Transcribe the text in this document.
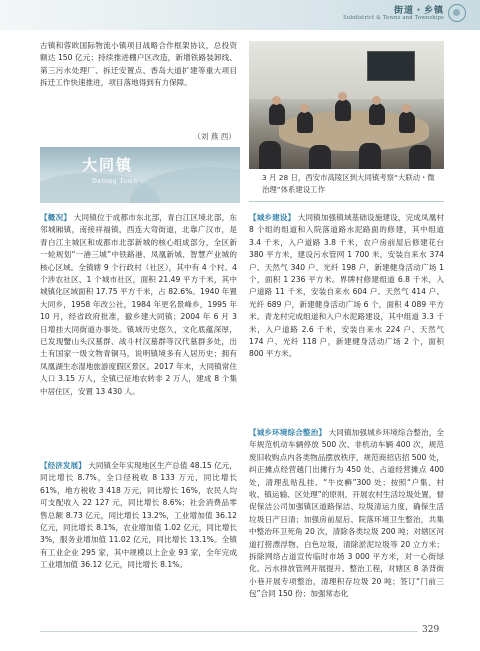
街道・乡镇
Subdistrict & Towns and Townships
古镇和蓉欧国际物流小镇项目战略合作框架协议，总投资额达 150 亿元；持续推进棚户区改造，新增铁路装卸线、第三污水处理厂、拆迁安置点、香岛大道扩建等重大项目拆迁工作快速推进，项目落地得到有力保障。
（刘 燕 西）
大同镇
Datong Town
【概况】 大同镇位于成都市东北部，青白江区境北部，东邻城厢镇，南接祥福镇，西连大弯街道，北靠广汉市，是青白江主城区和成都市北部新城的核心组成部分，全区新一轮规划“一港三城”中铁路港、凤凰新城、智慧产业城的核心区域。全镇辖 9 个行政村（社区），其中有 4 个村、4 个涉农社区、1 个城市社区，面积 21.49 平方千米，其中城镇化区域面积 17.75 平方千米，占 82.6%。1940 年置大同乡，1958 年改公社，1984 年更名景峰乡，1995 年 10 月，经省政府批准，撤乡建大同镇；2004 年 6 月 3 日增挂大同街道办事处。镇域历史悠久，文化底蕴深厚，已发现蟹山头汉墓群、战斗村汉墓群等汉代墓群多处，出土有国家一级文物青铜马，说明镇境多有人居历史；拥有凤凰湖生态湿地旅游度假区景区。2017 年末，大同镇常住人口 3.15 万人，全镇已征地农转非 2 万人，建成 8 个集中居住区，安置 13 430 人。
【经济发展】 大同镇全年实现地区生产总值 48.15 亿元，同比增长 8.7%，全口径税收 8 133 万元，同比增长 61%，地方税收 3 418 万元，同比增长 16%，农民人均可支配收入 22 127 元，同比增长 8.6%；社会消费品零售总额 8.73 亿元，同比增长 13.2%，工业增加值 36.12 亿元，同比增长 8.1%，农业增加值 1.02 亿元，同比增长 3%，服务业增加值 11.02 亿元，同比增长 13.1%。全镇有工业企业 295 家，其中规模以上企业 93 家，全年完成工业增加值 36.12 亿元，同比增长 8.1%。
3 月 28 日，西安市高陵区到大同镇考察“大联动・微治理”体系建设工作
【城乡建设】 大同镇加强镇域基础设施建设，完成凤凰村 8 个组的组道和入院落道路水泥路面的修建，其中组道 3.4 千米，入户道路 3.8 千米，农户房前屋后修建花台 380 平方米，建设污水管网 1 700 米，安装自来水 374 户、天然气 340 户、光纤 198 户，新建健身活动广场 1 个，面积 1 236 平方米。界牌村修建组道 6.8 千米，入户道路 11 千米，安装自来水 604 户、天然气 414 户、光纤 689 户，新建健身活动广场 6 个，面积 4 089 平方米。青龙村完成组道和入户水泥路建设，其中组道 3.3 千米，入户道路 2.6 千米，安装自来水 224 户、天然气 174 户、光纤 118 户，新建健身活动广场 2 个，面积 800 平方米。
【城乡环境综合整治】 大同镇加强城乡环境综合整治，全年规范机动车辆停放 500 次、非机动车辆 400 次，规范废旧收购点内各类物品摆放秩序，规范商招店招 500 处，纠正摊点经营越门出摊行为 450 处、占道经营摊点 400 处，清理乱贴乱挂、“牛皮癣”300 处；按照“户集、村收、镇运输、区处理”的原则，开展农村生活垃圾处置，督促保洁公司加强镇区道路保洁、垃圾清运力度，确保生活垃圾日产日清；加强房前屋后、院落环境卫生整治，共集中整治环卫死角 20 次，清除各类垃圾 200 吨；对辖区河道打捞漂浮物、白色垃圾，清除淤泥垃圾等 20 立方米；拆除网络占道宣传临时市场 3 000 平方米，对一心街绿化、污水排放管网开展提升、整治工程，对辖区 8 条背街小巷开展专项整治，清理积存垃圾 20 吨；签订“门前三包”合同 150 份；加强常态化
329
